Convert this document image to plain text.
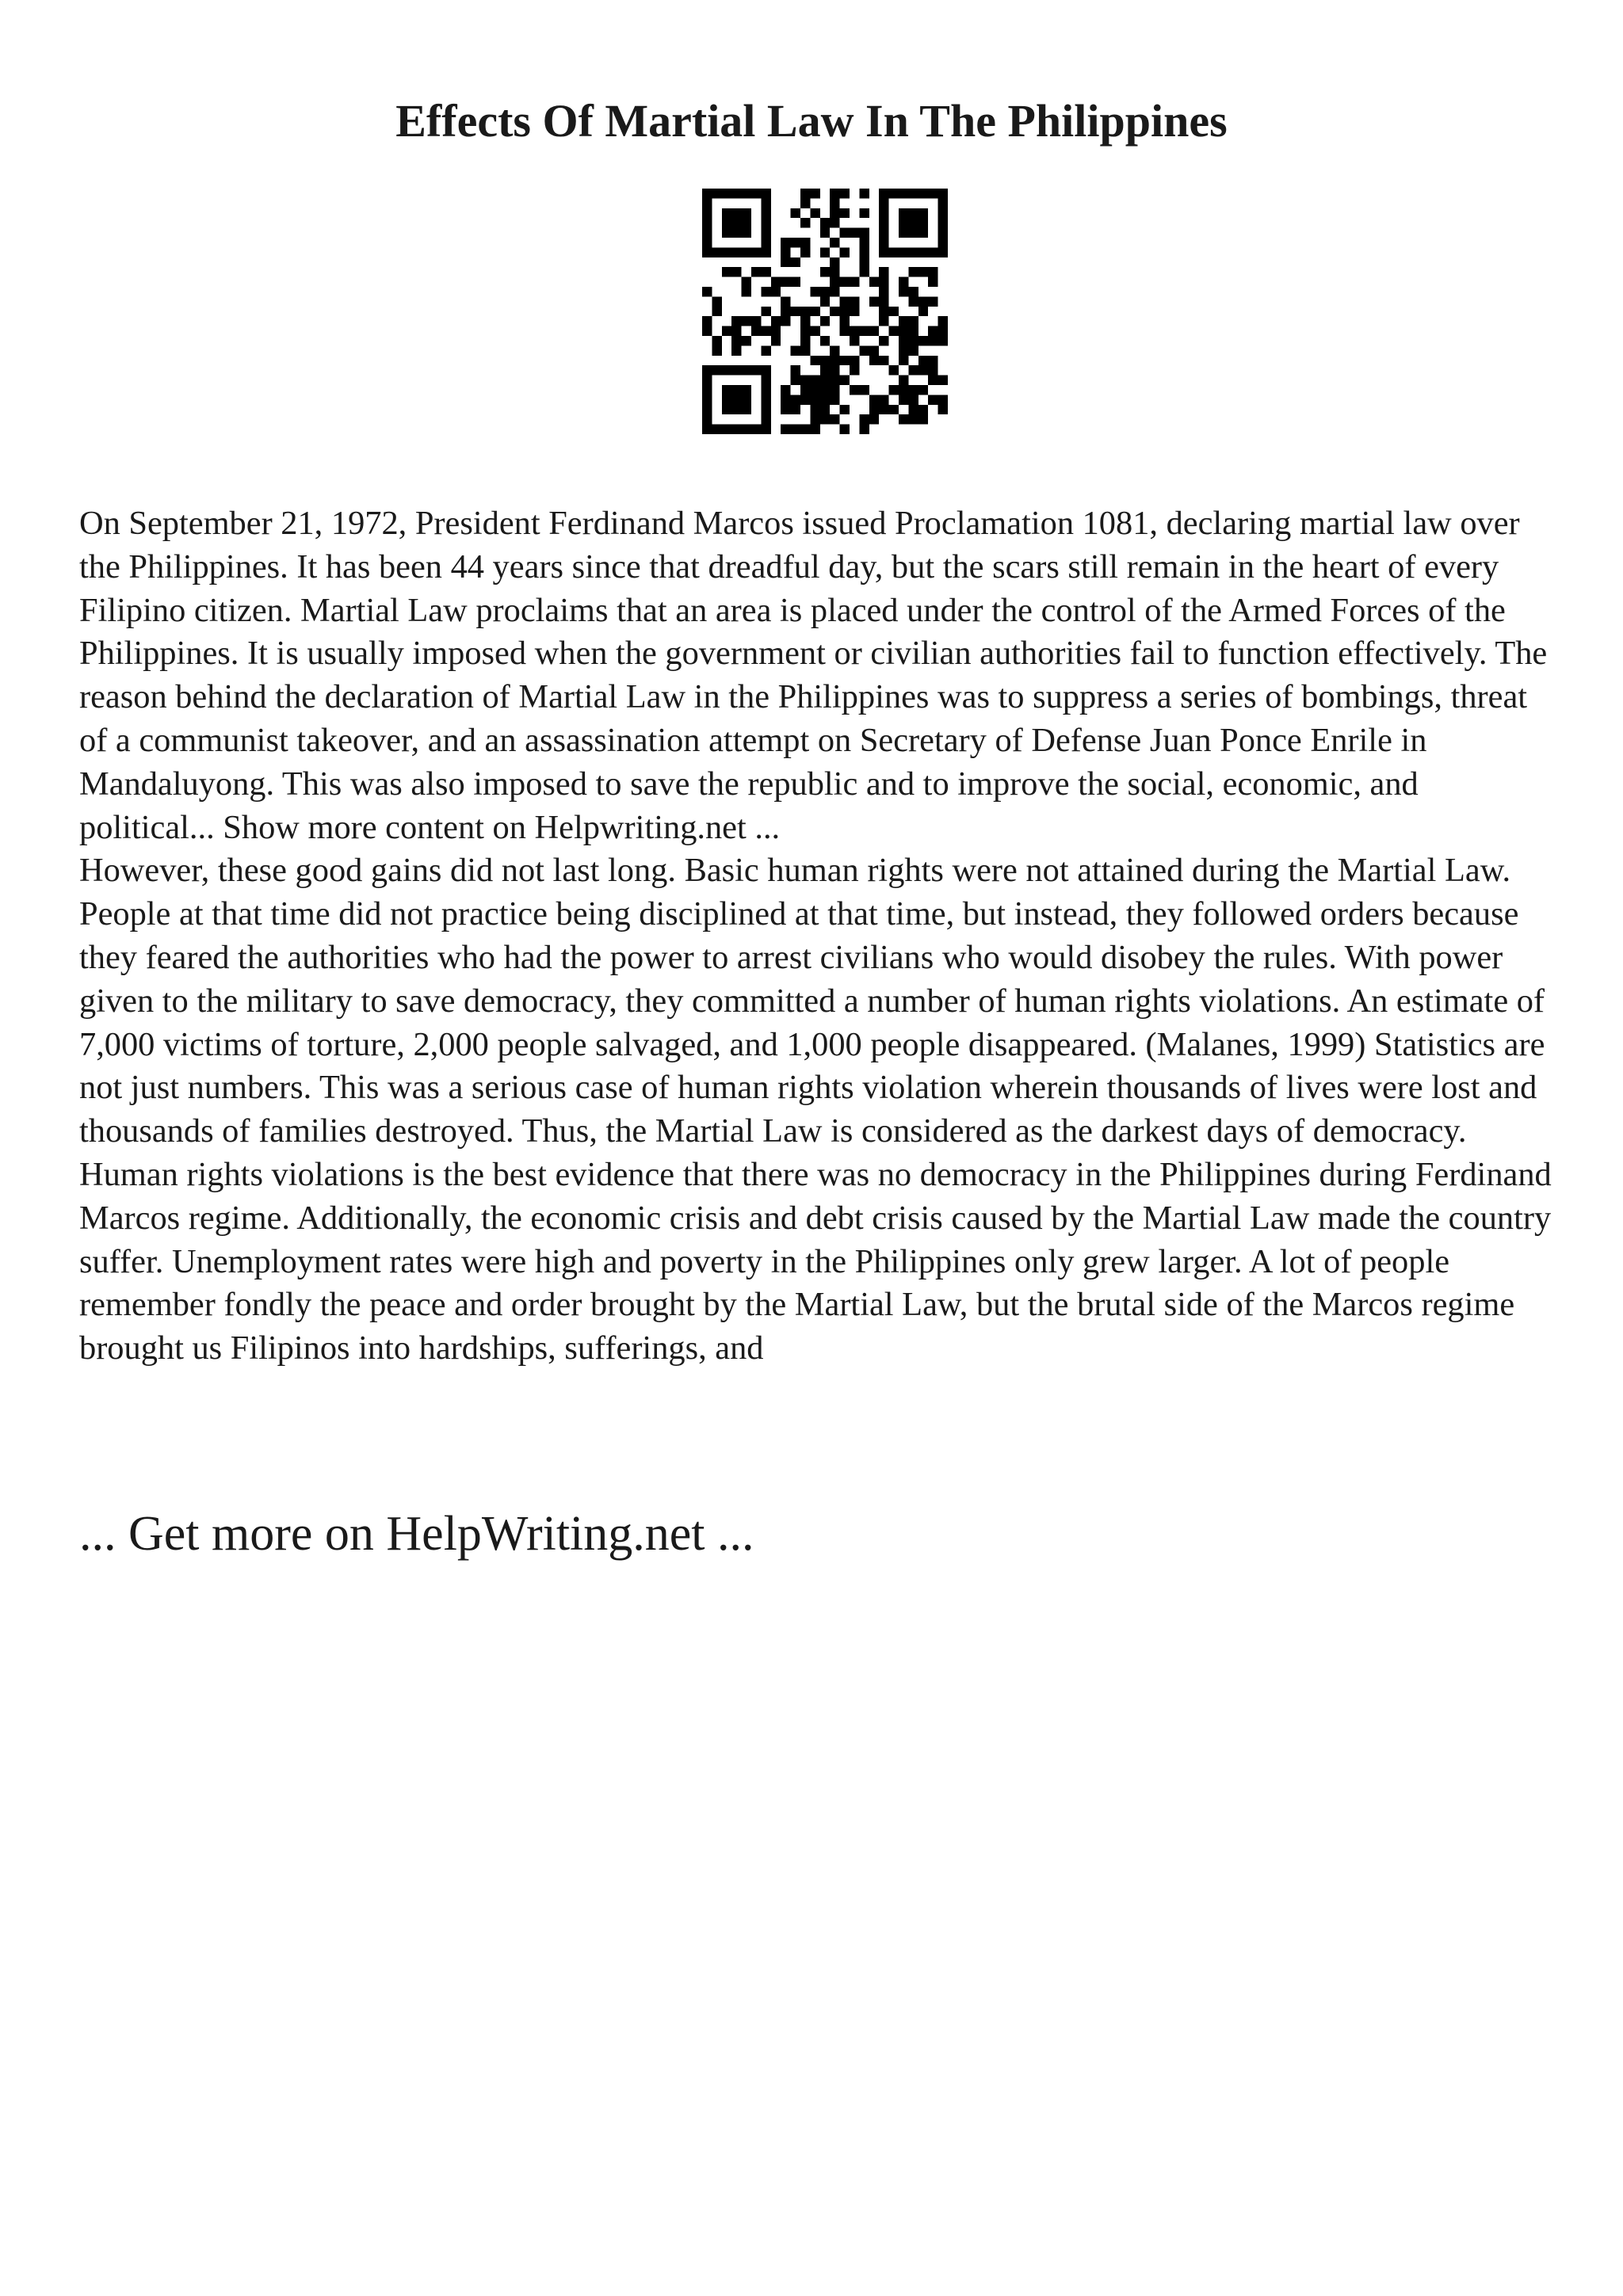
Effects Of Martial Law In The Philippines

On September 21, 1972, President Ferdinand Marcos issued Proclamation 1081, declaring martial law over the Philippines. It has been 44 years since that dreadful day, but the scars still remain in the heart of every Filipino citizen. Martial Law proclaims that an area is placed under the control of the Armed Forces of the Philippines. It is usually imposed when the government or civilian authorities fail to function effectively. The reason behind the declaration of Martial Law in the Philippines was to suppress a series of bombings, threat of a communist takeover, and an assassination attempt on Secretary of Defense Juan Ponce Enrile in Mandaluyong. This was also imposed to save the republic and to improve the social, economic, and political... Show more content on Helpwriting.net ...

However, these good gains did not last long. Basic human rights were not attained during the Martial Law. People at that time did not practice being disciplined at that time, but instead, they followed orders because they feared the authorities who had the power to arrest civilians who would disobey the rules. With power given to the military to save democracy, they committed a number of human rights violations. An estimate of 7,000 victims of torture, 2,000 people salvaged, and 1,000 people disappeared. (Malanes, 1999) Statistics are not just numbers. This was a serious case of human rights violation wherein thousands of lives were lost and thousands of families destroyed. Thus, the Martial Law is considered as the darkest days of democracy. Human rights violations is the best evidence that there was no democracy in the Philippines during Ferdinand Marcos regime. Additionally, the economic crisis and debt crisis caused by the Martial Law made the country suffer. Unemployment rates were high and poverty in the Philippines only grew larger. A lot of people remember fondly the peace and order brought by the Martial Law, but the brutal side of the Marcos regime brought us Filipinos into hardships, sufferings, and

... Get more on HelpWriting.net ...
